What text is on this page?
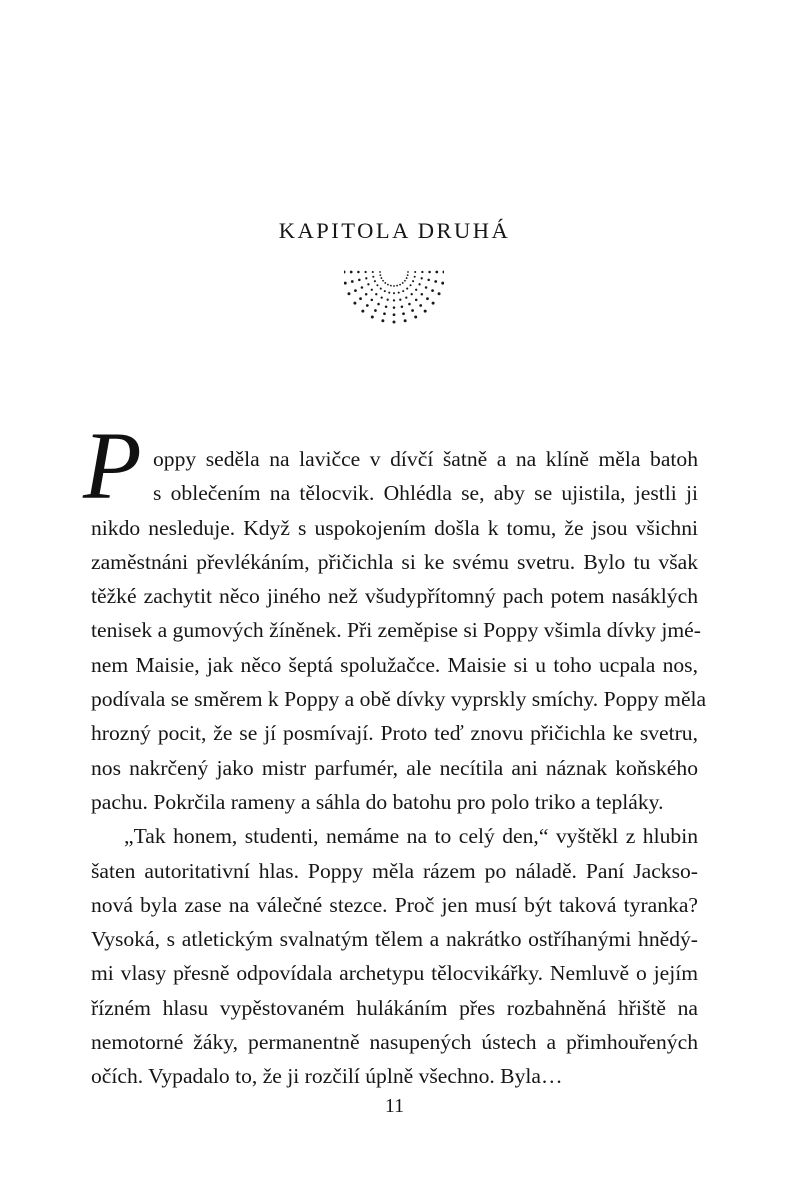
KAPITOLA DRUHÁ
P oppy seděla na lavičce v dívčí šatně a na klíně měla batoh
s oblečením na tělocvik. Ohlédla se, aby se ujistila, jestli ji
nikdo nesleduje. Když s uspokojením došla k tomu, že jsou všichni
zaměstnáni převlékáním, přičichla si ke svému svetru. Bylo tu však
těžké zachytit něco jiného než všudypřítomný pach potem nasáklých
tenisek a gumových žíněnek. Při zeměpise si Poppy všimla dívky jmé-
nem Maisie, jak něco šeptá spolužačce. Maisie si u toho ucpala nos,
podívala se směrem k Poppy a obě dívky vyprskly smíchy. Poppy měla
hrozný pocit, že se jí posmívají. Proto teď znovu přičichla ke svetru,
nos nakrčený jako mistr parfumér, ale necítila ani náznak koňského
pachu. Pokrčila rameny a sáhla do batohu pro polo triko a tepláky.
„Tak honem, studenti, nemáme na to celý den,“ vyštěkl z hlubin
šaten autoritativní hlas. Poppy měla rázem po náladě. Paní Jackso-
nová byla zase na válečné stezce. Proč jen musí být taková tyranka?
Vysoká, s atletickým svalnatým tělem a nakrátko ostříhanými hnědý-
mi vlasy přesně odpovídala archetypu tělocvikářky. Nemluvě o jejím
řízném hlasu vypěstovaném hulákáním přes rozbahněná hřiště na
nemotorné žáky, permanentně nasupených ústech a přimhouřených
očích. Vypadalo to, že ji rozčilí úplně všechno. Byla…
11
